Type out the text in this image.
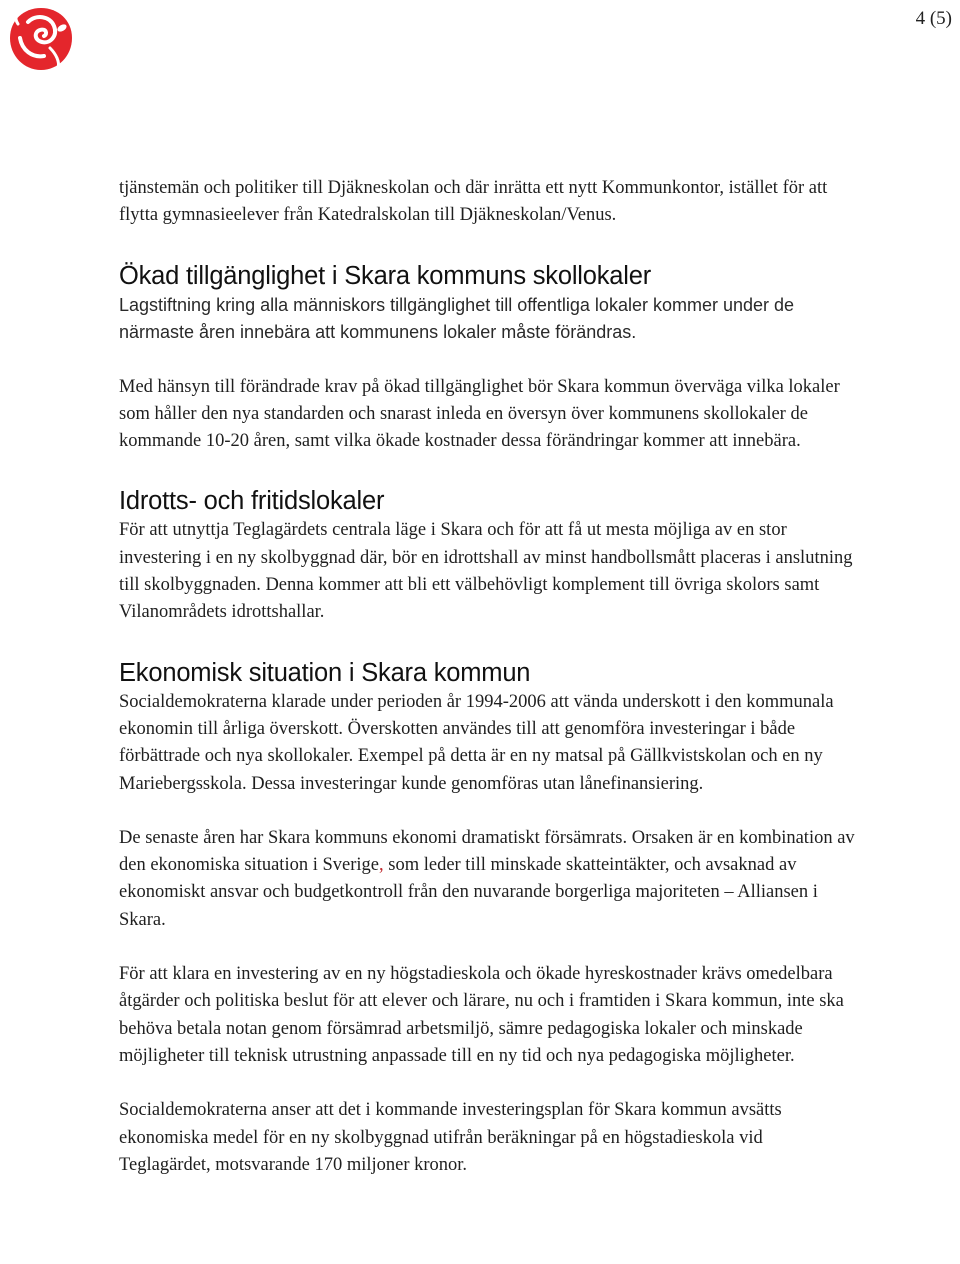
4 (5)

tjänstemän och politiker till Djäkneskolan och där inrätta ett nytt Kommunkontor, istället för att flytta gymnasieelever från Katedralskolan till Djäkneskolan/Venus.

Ökad tillgänglighet i Skara kommuns skollokaler

Lagstiftning kring alla människors tillgänglighet till offentliga lokaler kommer under de närmaste åren innebära att kommunens lokaler måste förändras.

Med hänsyn till förändrade krav på ökad tillgänglighet bör Skara kommun överväga vilka lokaler som håller den nya standarden och snarast inleda en översyn över kommunens skollokaler de kommande 10-20 åren, samt vilka ökade kostnader dessa förändringar kommer att innebära.

Idrotts- och fritidslokaler

För att utnyttja Teglagärdets centrala läge i Skara och för att få ut mesta möjliga av en stor investering i en ny skolbyggnad där, bör en idrottshall av minst handbollsmått placeras i anslutning till skolbyggnaden. Denna kommer att bli ett välbehövligt komplement till övriga skolors samt Vilanområdets idrottshallar.

Ekonomisk situation i Skara kommun

Socialdemokraterna klarade under perioden år 1994-2006 att vända underskott i den kommunala ekonomin till årliga överskott. Överskotten användes till att genomföra investeringar i både förbättrade och nya skollokaler. Exempel på detta är en ny matsal på Gällkvistskolan och en ny Mariebergsskola. Dessa investeringar kunde genomföras utan lånefinansiering.

De senaste åren har Skara kommuns ekonomi dramatiskt försämrats. Orsaken är en kombination av den ekonomiska situation i Sverige, som leder till minskade skatteintäkter, och avsaknad av ekonomiskt ansvar och budgetkontroll från den nuvarande borgerliga majoriteten – Alliansen i Skara.

För att klara en investering av en ny högstadieskola och ökade hyreskostnader krävs omedelbara åtgärder och politiska beslut för att elever och lärare, nu och i framtiden i Skara kommun, inte ska behöva betala notan genom försämrad arbetsmiljö, sämre pedagogiska lokaler och minskade möjligheter till teknisk utrustning anpassade till en ny tid och nya pedagogiska möjligheter.

Socialdemokraterna anser att det i kommande investeringsplan för Skara kommun avsätts ekonomiska medel för en ny skolbyggnad utifrån beräkningar på en högstadieskola vid Teglagärdet, motsvarande 170 miljoner kronor.
